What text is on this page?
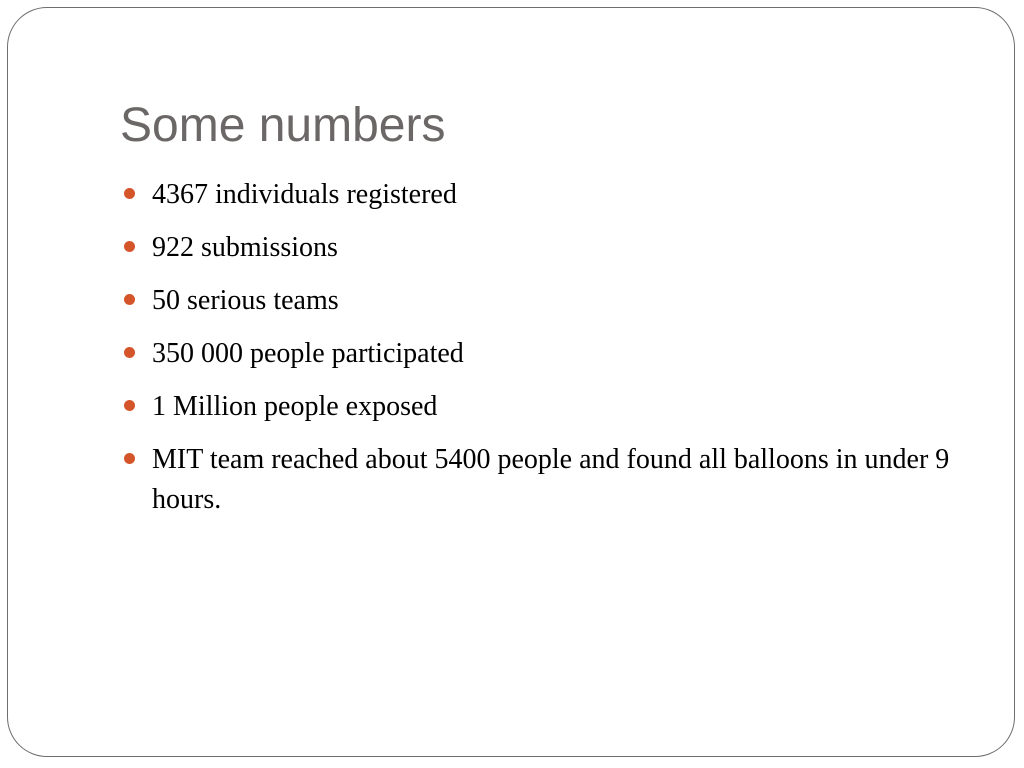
Some numbers
4367 individuals registered
922 submissions
50 serious teams
350 000 people participated
1 Million people exposed
MIT team reached about 5400 people and found all balloons in under 9 hours.
